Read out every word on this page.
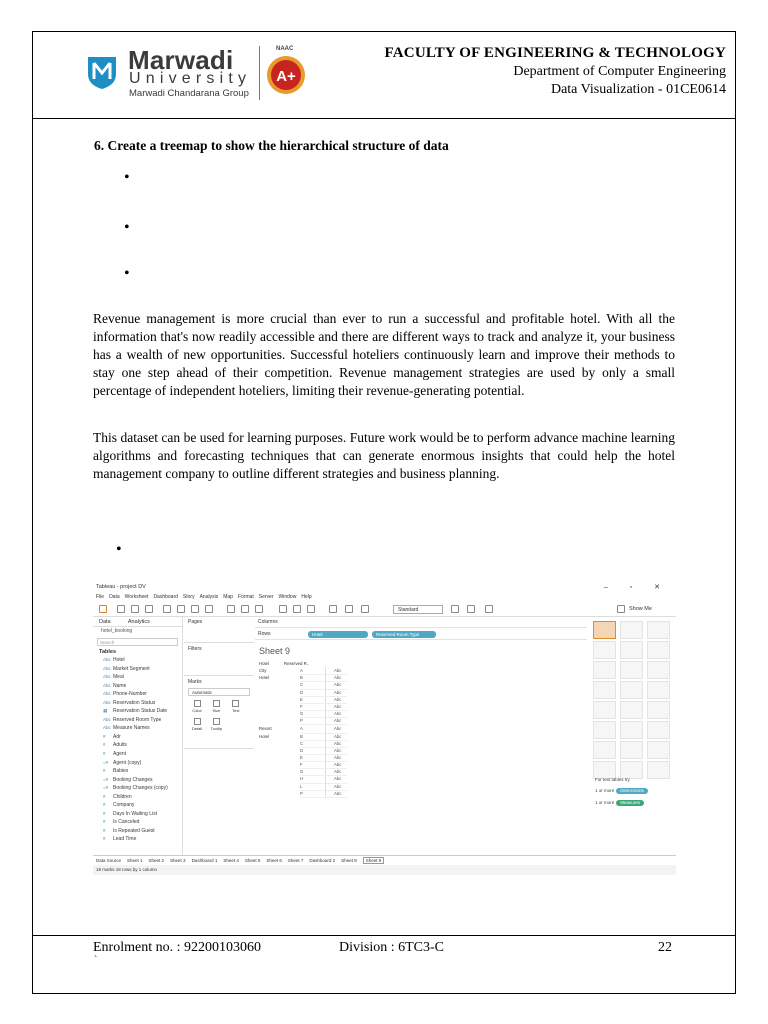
Marwadi
University
Marwadi Chandarana Group
NAAC
A+
FACULTY OF ENGINEERING & TECHNOLOGY
Department of Computer Engineering
Data Visualization - 01CE0614
6. Create a treemap to show the hierarchical structure of data
•
•
•
Revenue management is more crucial than ever to run a successful and profitable hotel. With all the information that's now readily accessible and there are different ways to track and analyze it, your business has a wealth of new opportunities. Successful hoteliers continuously learn and improve their methods to stay one step ahead of their competition. Revenue management strategies are used by only a small percentage of independent hoteliers, limiting their revenue-generating potential.
This dataset can be used for learning purposes. Future work would be to perform advance machine learning algorithms and forecasting techniques that can generate enormous insights that could help the hotel management company to outline different strategies and business planning.
•
Tableau - project DV	– ▫ ✕
File Data Worksheet Dashboard Story Analysis Map Format Server Window Help
Standard	Show Me
Data	Analytics
hotel_booking
Search
Tables
Abc Hotel
Abc Market Segment
Abc Meal
Abc Name
Abc Phone-Number
Abc Reservation Status
▦ Reservation Status Date
Abc Reserved Room Type
Abc Measure Names
# Adr
# Adults
# Agent
=# Agent (copy)
# Babies
=# Booking Changes
=# Booking Changes (copy)
# Children
# Company
# Days In Waiting List
# Is Canceled
# Is Repeated Guest
# Lead Time
Pages
Filters
Marks
Automatic
Color	Size	Text
Detail Tooltip
Columns
Rows	Hotel	Reserved Room Type
Sheet 9
Hotel	Reserved R..
City Hotel
A	Abc
B	Abc
C	Abc
D	Abc
E	Abc
F	Abc
G	Abc
P	Abc
Resort Hotel
A	Abc
B	Abc
C	Abc
D	Abc
E	Abc
F	Abc
G	Abc
H	Abc
L	Abc
P	Abc
For text tables try
1 or more Dimensions
1 or more Measures
Data Source Sheet 1 Sheet 2 Sheet 3 Dashboard 1 Sheet 4 Sheet 5 Sheet 6 Sheet 7 Dashboard 2 Sheet 8 Sheet 9
18 marks 18 rows by 1 column
Enrolment no. : 92200103060	Division : 6TC3-C	22
`
